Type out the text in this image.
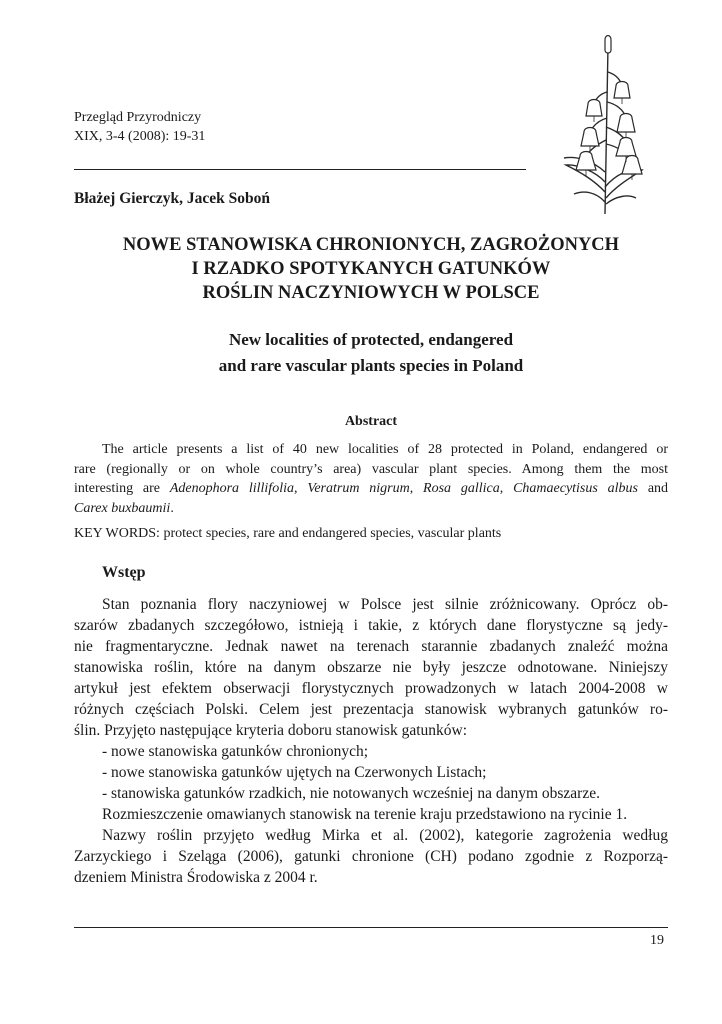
Przegląd Przyrodniczy
XIX, 3-4 (2008): 19-31
Błażej Gierczyk, Jacek Soboń
NOWE STANOWISKA CHRONIONYCH, ZAGROŻONYCH
I RZADKO SPOTYKANYCH GATUNKÓW
ROŚLIN NACZYNIOWYCH W POLSCE
New localities of protected, endangered
and rare vascular plants species in Poland
Abstract
The article presents a list of 40 new localities of 28 protected in Poland, endangered or
rare (regionally or on whole country’s area) vascular plant species. Among them the most
interesting are Adenophora lillifolia, Veratrum nigrum, Rosa gallica, Chamaecytisus albus and
Carex buxbaumii.
KEY WORDS: protect species, rare and endangered species, vascular plants
Wstęp
Stan poznania flory naczyniowej w Polsce jest silnie zróżnicowany. Oprócz ob-
szarów zbadanych szczegółowo, istnieją i takie, z których dane florystyczne są jedy-
nie fragmentaryczne. Jednak nawet na terenach starannie zbadanych znaleźć można
stanowiska roślin, które na danym obszarze nie były jeszcze odnotowane. Niniejszy
artykuł jest efektem obserwacji florystycznych prowadzonych w latach 2004-2008 w
różnych częściach Polski. Celem jest prezentacja stanowisk wybranych gatunków ro-
ślin. Przyjęto następujące kryteria doboru stanowisk gatunków:
- nowe stanowiska gatunków chronionych;
- nowe stanowiska gatunków ujętych na Czerwonych Listach;
- stanowiska gatunków rzadkich, nie notowanych wcześniej na danym obszarze.
Rozmieszczenie omawianych stanowisk na terenie kraju przedstawiono na rycinie 1.
Nazwy roślin przyjęto według Mirka et al. (2002), kategorie zagrożenia według
Zarzyckiego i Szeląga (2006), gatunki chronione (CH) podano zgodnie z Rozporzą-
dzeniem Ministra Środowiska z 2004 r.
19
